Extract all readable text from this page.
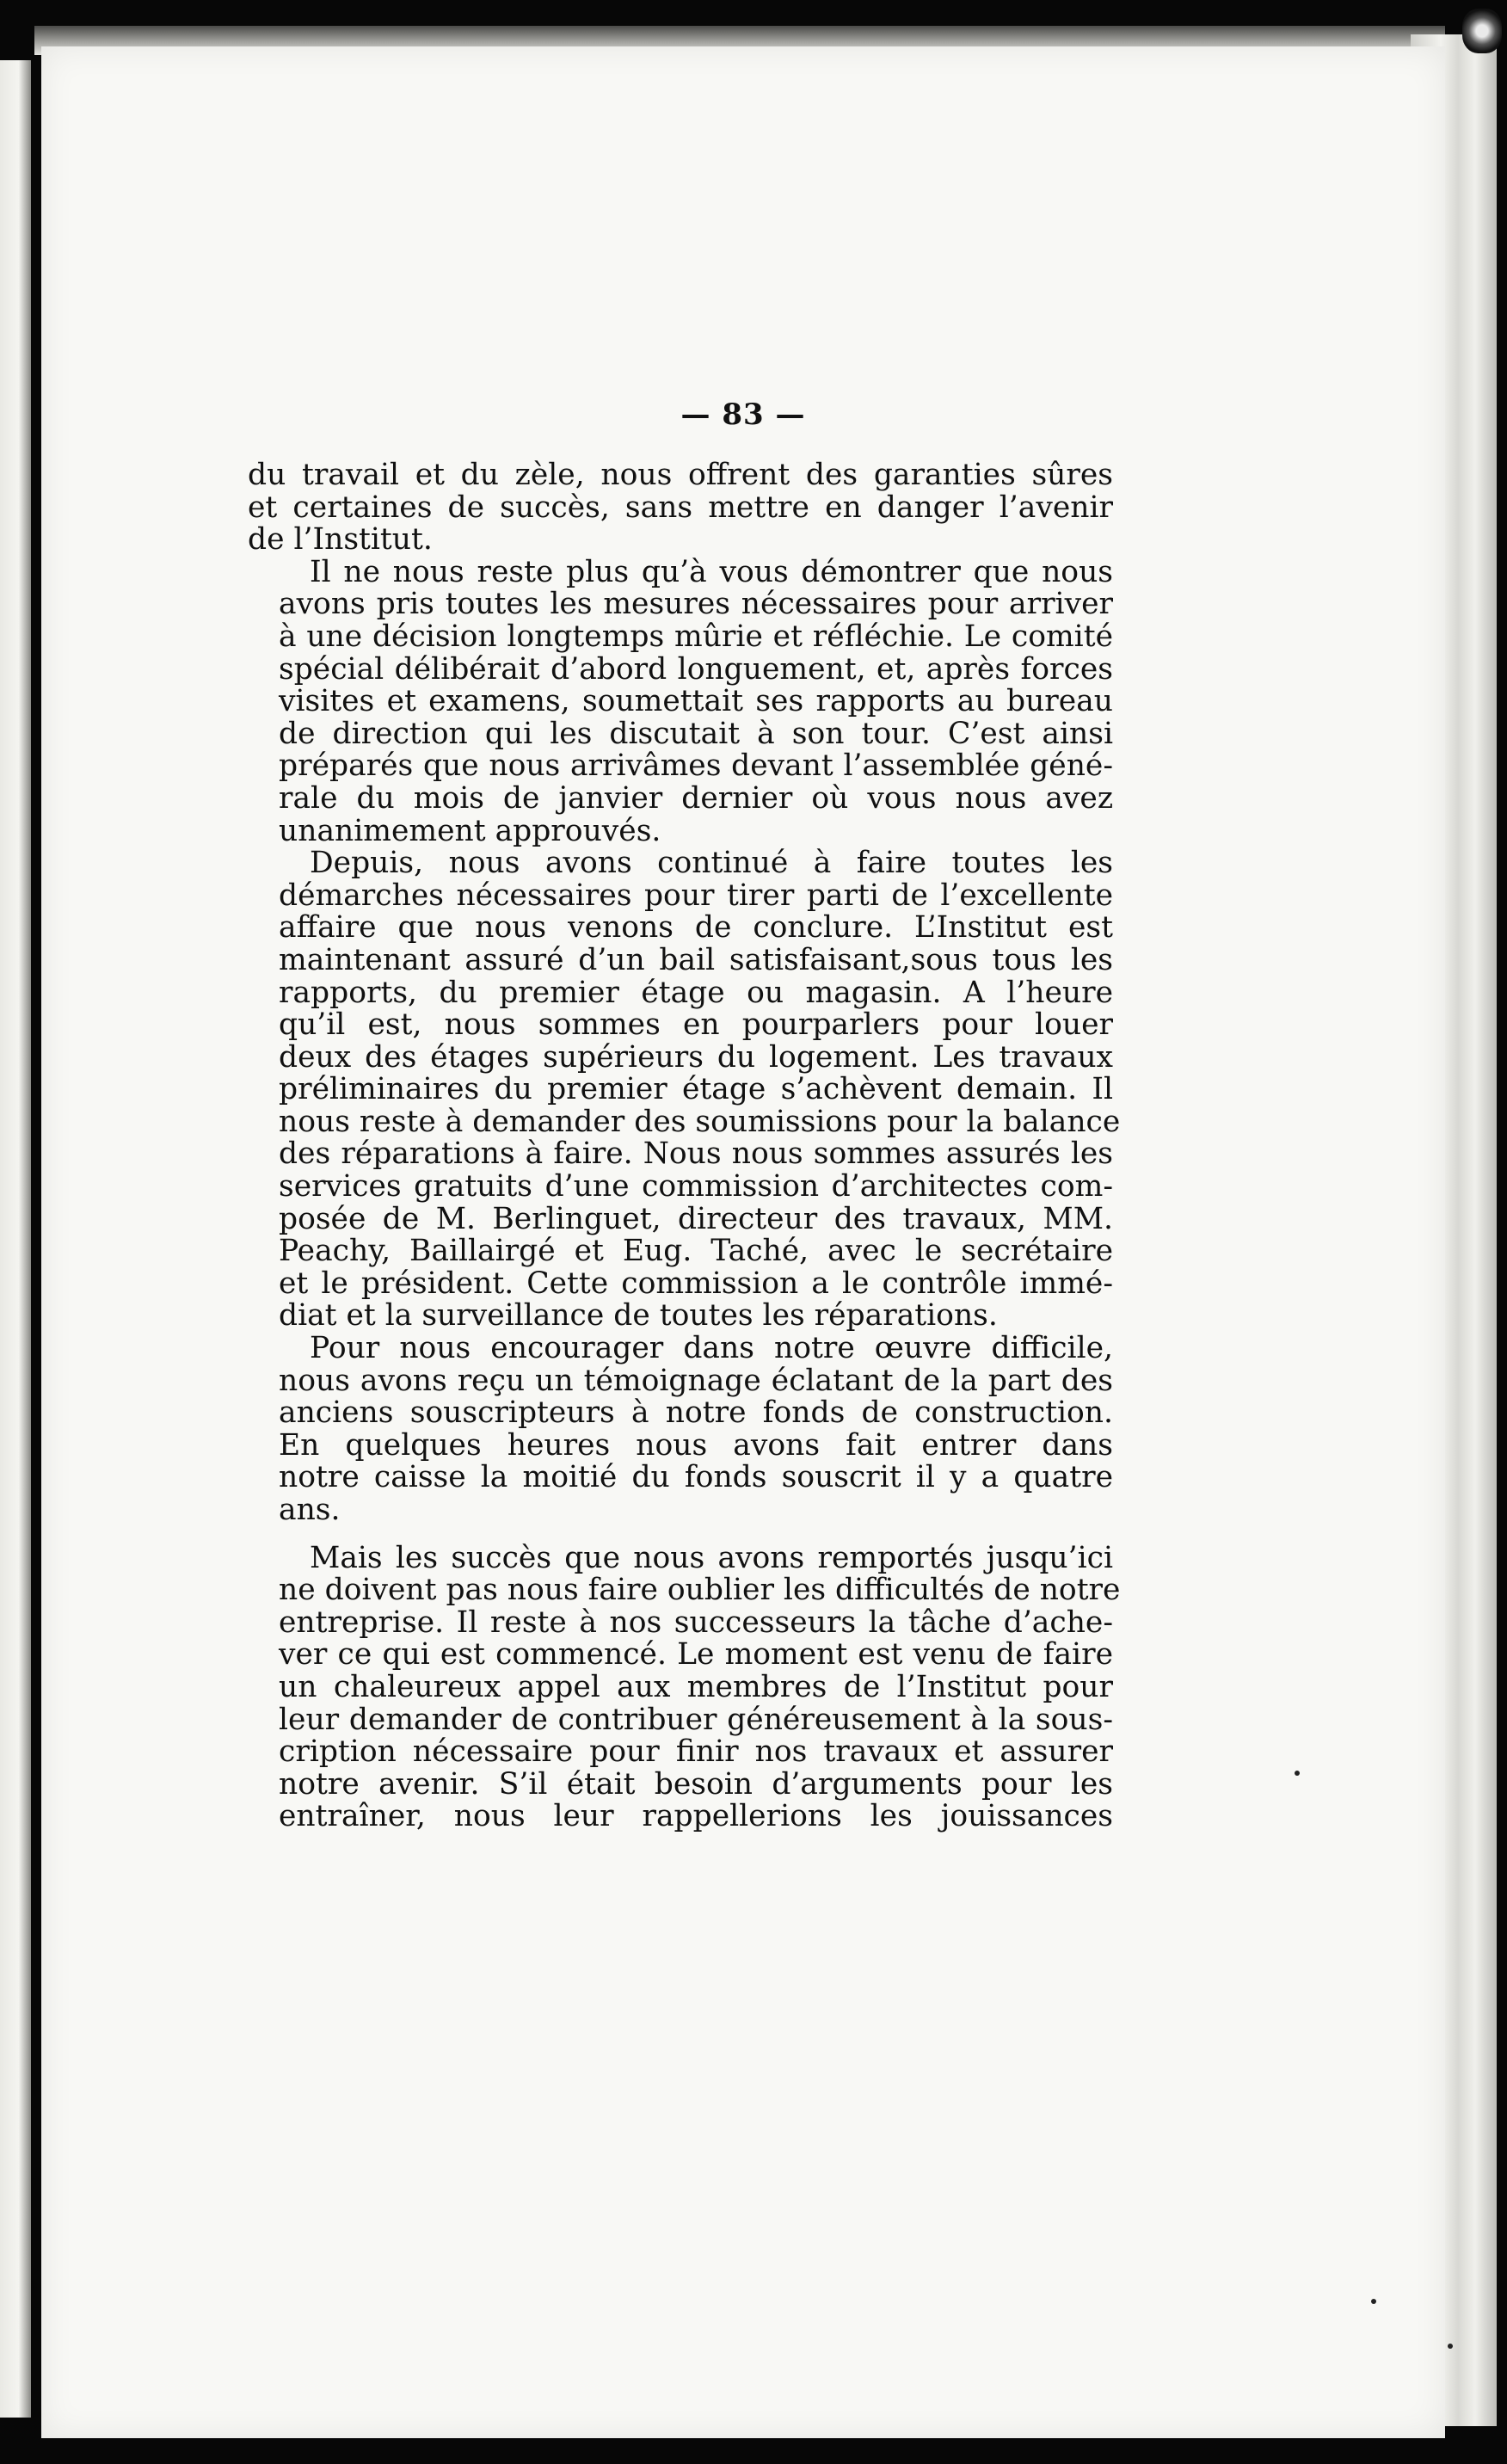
— 83 —

du travail et du zèle, nous offrent des garanties sûres
et certaines de succès, sans mettre en danger l’avenir
de l’Institut.

Il ne nous reste plus qu’à vous démontrer que nous
avons pris toutes les mesures nécessaires pour arriver
à une décision longtemps mûrie et réfléchie. Le comité
spécial délibérait d’abord longuement, et, après forces
visites et examens, soumettait ses rapports au bureau
de direction qui les discutait à son tour. C’est ainsi
préparés que nous arrivâmes devant l’assemblée géné-
rale du mois de janvier dernier où vous nous avez
unanimement approuvés.

Depuis, nous avons continué à faire toutes les
démarches nécessaires pour tirer parti de l’excellente
affaire que nous venons de conclure. L’Institut est
maintenant assuré d’un bail satisfaisant,sous tous les
rapports, du premier étage ou magasin. A l’heure
qu’il est, nous sommes en pourparlers pour louer
deux des étages supérieurs du logement. Les travaux
préliminaires du premier étage s’achèvent demain. Il
nous reste à demander des soumissions pour la balance
des réparations à faire. Nous nous sommes assurés les
services gratuits d’une commission d’architectes com-
posée de M. Berlinguet, directeur des travaux, MM.
Peachy, Baillairgé et Eug. Taché, avec le secrétaire
et le président. Cette commission a le contrôle immé-
diat et la surveillance de toutes les réparations.

Pour nous encourager dans notre œuvre difficile,
nous avons reçu un témoignage éclatant de la part des
anciens souscripteurs à notre fonds de construction.
En quelques heures nous avons fait entrer dans
notre caisse la moitié du fonds souscrit il y a quatre
ans.

Mais les succès que nous avons remportés jusqu’ici
ne doivent pas nous faire oublier les difficultés de notre
entreprise. Il reste à nos successeurs la tâche d’ache-
ver ce qui est commencé. Le moment est venu de faire
un chaleureux appel aux membres de l’Institut pour
leur demander de contribuer généreusement à la sous-
cription nécessaire pour finir nos travaux et assurer
notre avenir. S’il était besoin d’arguments pour les
entraîner, nous leur rappellerions les jouissances
